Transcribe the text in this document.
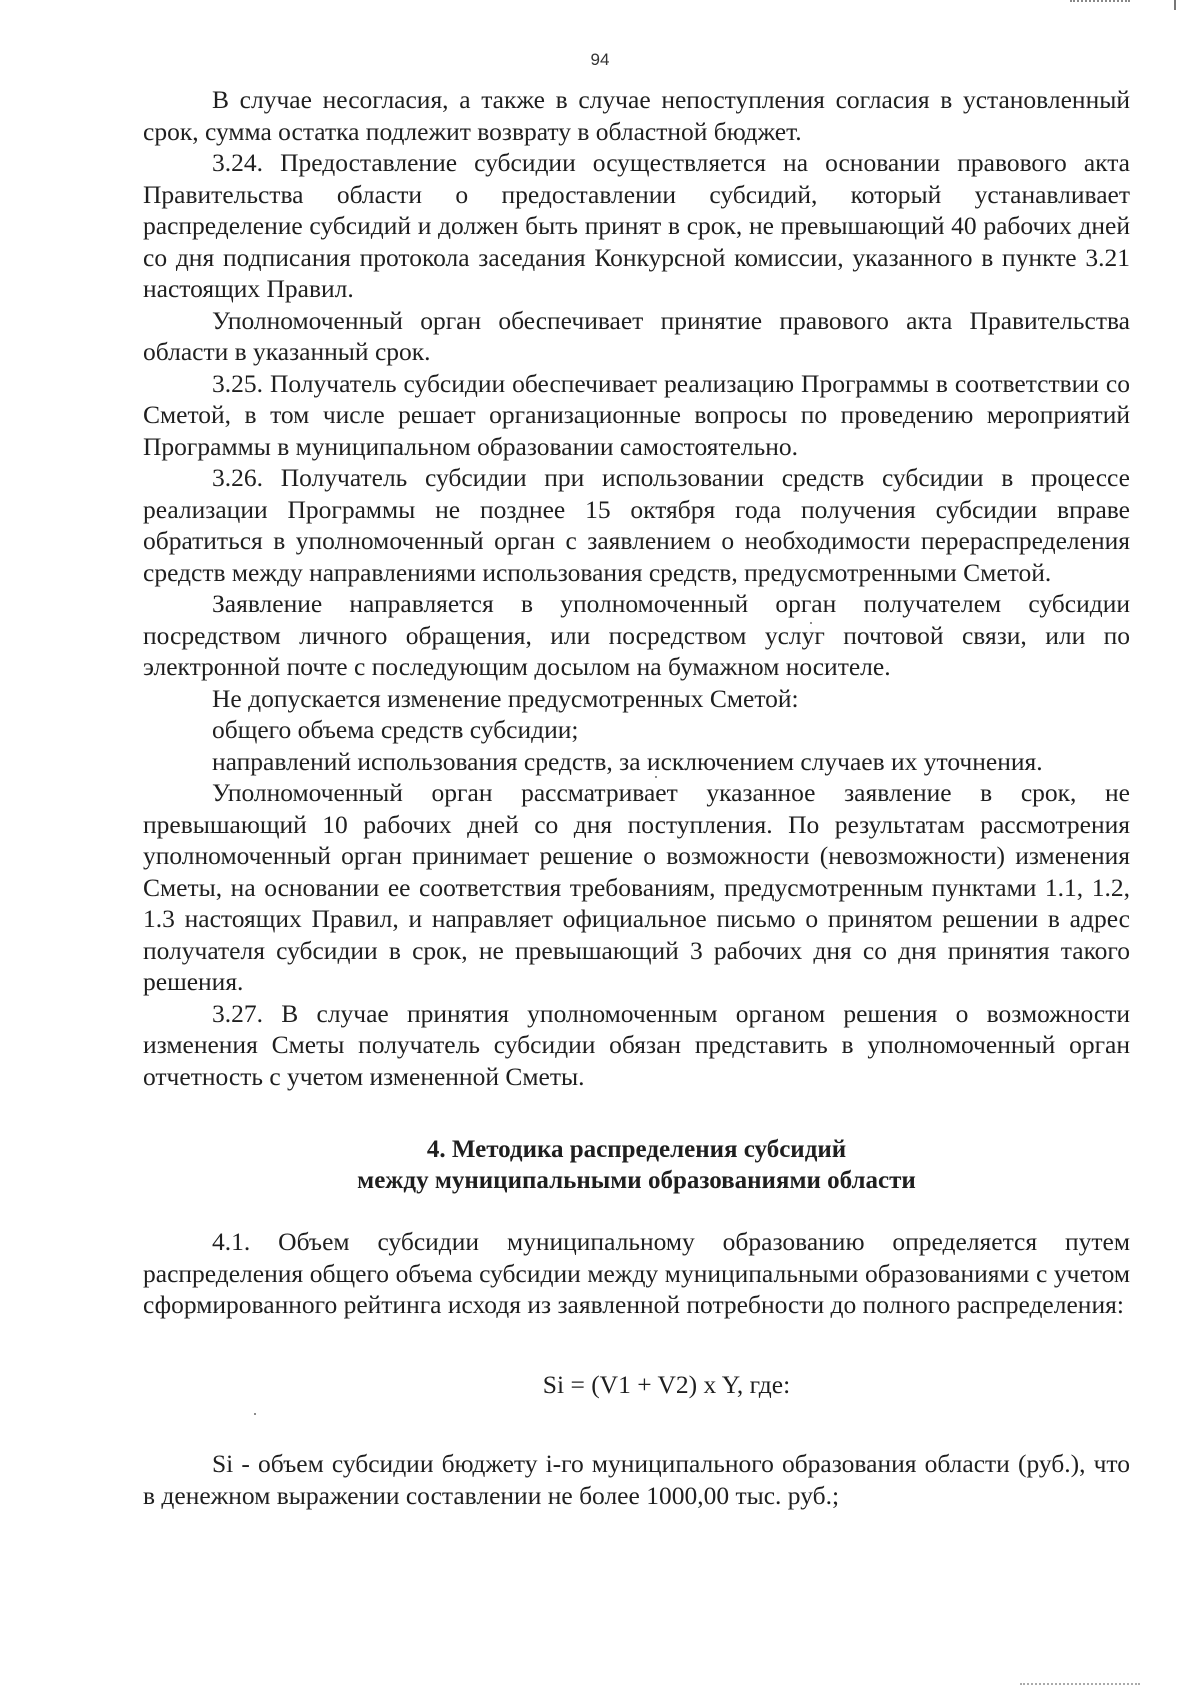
94

В случае несогласия, а также в случае непоступления согласия в установленный срок, сумма остатка подлежит возврату в областной бюджет.

3.24. Предоставление субсидии осуществляется на основании правового акта Правительства области о предоставлении субсидий, который устанавливает распределение субсидий и должен быть принят в срок, не превышающий 40 рабочих дней со дня подписания протокола заседания Конкурсной комиссии, указанного в пункте 3.21 настоящих Правил.

Уполномоченный орган обеспечивает принятие правового акта Правительства области в указанный срок.

3.25. Получатель субсидии обеспечивает реализацию Программы в соответствии со Сметой, в том числе решает организационные вопросы по проведению мероприятий Программы в муниципальном образовании самостоятельно.

3.26. Получатель субсидии при использовании средств субсидии в процессе реализации Программы не позднее 15 октября года получения субсидии вправе обратиться в уполномоченный орган с заявлением о необходимости перераспределения средств между направлениями использования средств, предусмотренными Сметой.

Заявление направляется в уполномоченный орган получателем субсидии посредством личного обращения, или посредством услуг почтовой связи, или по электронной почте с последующим досылом на бумажном носителе.

Не допускается изменение предусмотренных Сметой:

общего объема средств субсидии;

направлений использования средств, за исключением случаев их уточнения.

Уполномоченный орган рассматривает указанное заявление в срок, не превышающий 10 рабочих дней со дня поступления. По результатам рассмотрения уполномоченный орган принимает решение о возможности (невозможности) изменения Сметы, на основании ее соответствия требованиям, предусмотренным пунктами 1.1, 1.2, 1.3 настоящих Правил, и направляет официальное письмо о принятом решении в адрес получателя субсидии в срок, не превышающий 3 рабочих дня со дня принятия такого решения.

3.27. В случае принятия уполномоченным органом решения о возможности изменения Сметы получатель субсидии обязан представить в уполномоченный орган отчетность с учетом измененной Сметы.

4. Методика распределения субсидий
между муниципальными образованиями области

4.1. Объем субсидии муниципальному образованию определяется путем распределения общего объема субсидии между муниципальными образованиями с учетом сформированного рейтинга исходя из заявленной потребности до полного распределения:

Si = (V1 + V2) x Y, где:

Si - объем субсидии бюджету i-го муниципального образования области (руб.), что в денежном выражении составлении не более 1000,00 тыс. руб.;
